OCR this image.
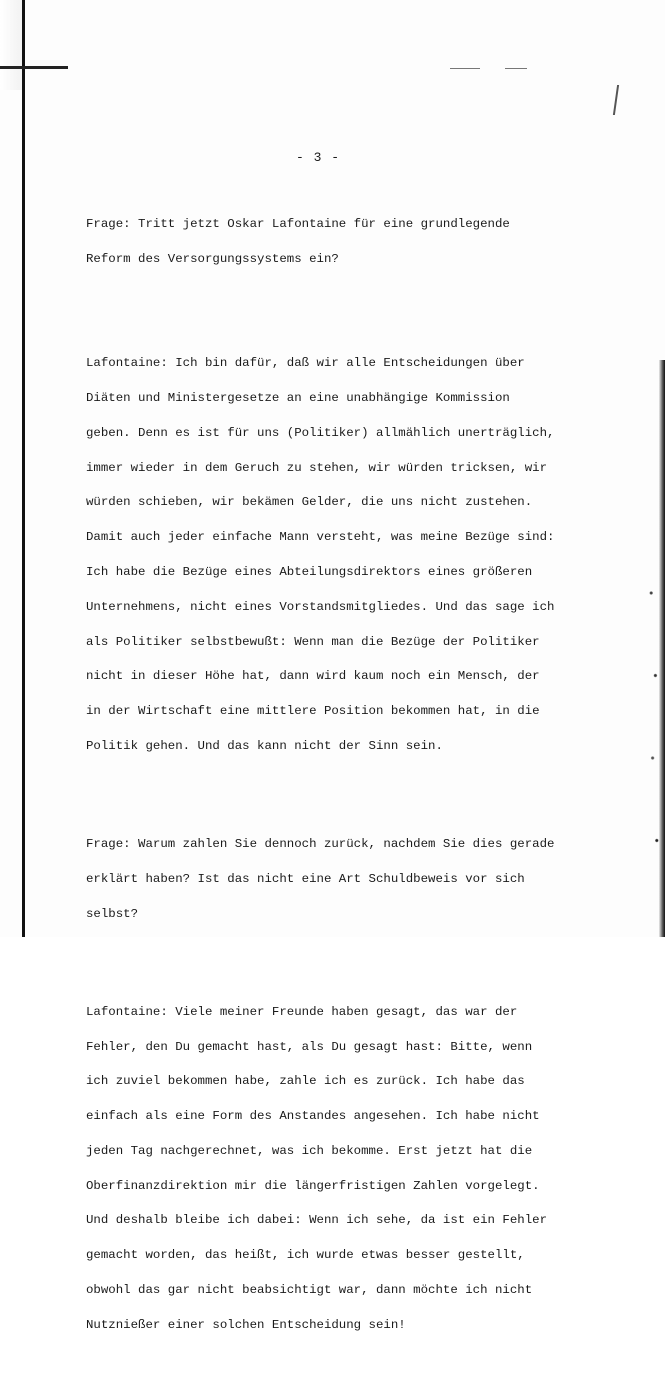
- 3 -

Frage: Tritt jetzt Oskar Lafontaine für eine grundlegende

Reform des Versorgungssystems ein?

Lafontaine: Ich bin dafür, daß wir alle Entscheidungen über

Diäten und Ministergesetze an eine unabhängige Kommission

geben. Denn es ist für uns (Politiker) allmählich unerträglich,

immer wieder in dem Geruch zu stehen, wir würden tricksen, wir

würden schieben, wir bekämen Gelder, die uns nicht zustehen.

Damit auch jeder einfache Mann versteht, was meine Bezüge sind:

Ich habe die Bezüge eines Abteilungsdirektors eines größeren

Unternehmens, nicht eines Vorstandsmitgliedes. Und das sage ich

als Politiker selbstbewußt: Wenn man die Bezüge der Politiker

nicht in dieser Höhe hat, dann wird kaum noch ein Mensch, der

in der Wirtschaft eine mittlere Position bekommen hat, in die

Politik gehen. Und das kann nicht der Sinn sein.

Frage: Warum zahlen Sie dennoch zurück, nachdem Sie dies gerade

erklärt haben? Ist das nicht eine Art Schuldbeweis vor sich

selbst?

Lafontaine: Viele meiner Freunde haben gesagt, das war der

Fehler, den Du gemacht hast, als Du gesagt hast: Bitte, wenn

ich zuviel bekommen habe, zahle ich es zurück. Ich habe das

einfach als eine Form des Anstandes angesehen. Ich habe nicht

jeden Tag nachgerechnet, was ich bekomme. Erst jetzt hat die

Oberfinanzdirektion mir die längerfristigen Zahlen vorgelegt.

Und deshalb bleibe ich dabei: Wenn ich sehe, da ist ein Fehler

gemacht worden, das heißt, ich wurde etwas besser gestellt,

obwohl das gar nicht beabsichtigt war, dann möchte ich nicht

Nutznießer einer solchen Entscheidung sein!
